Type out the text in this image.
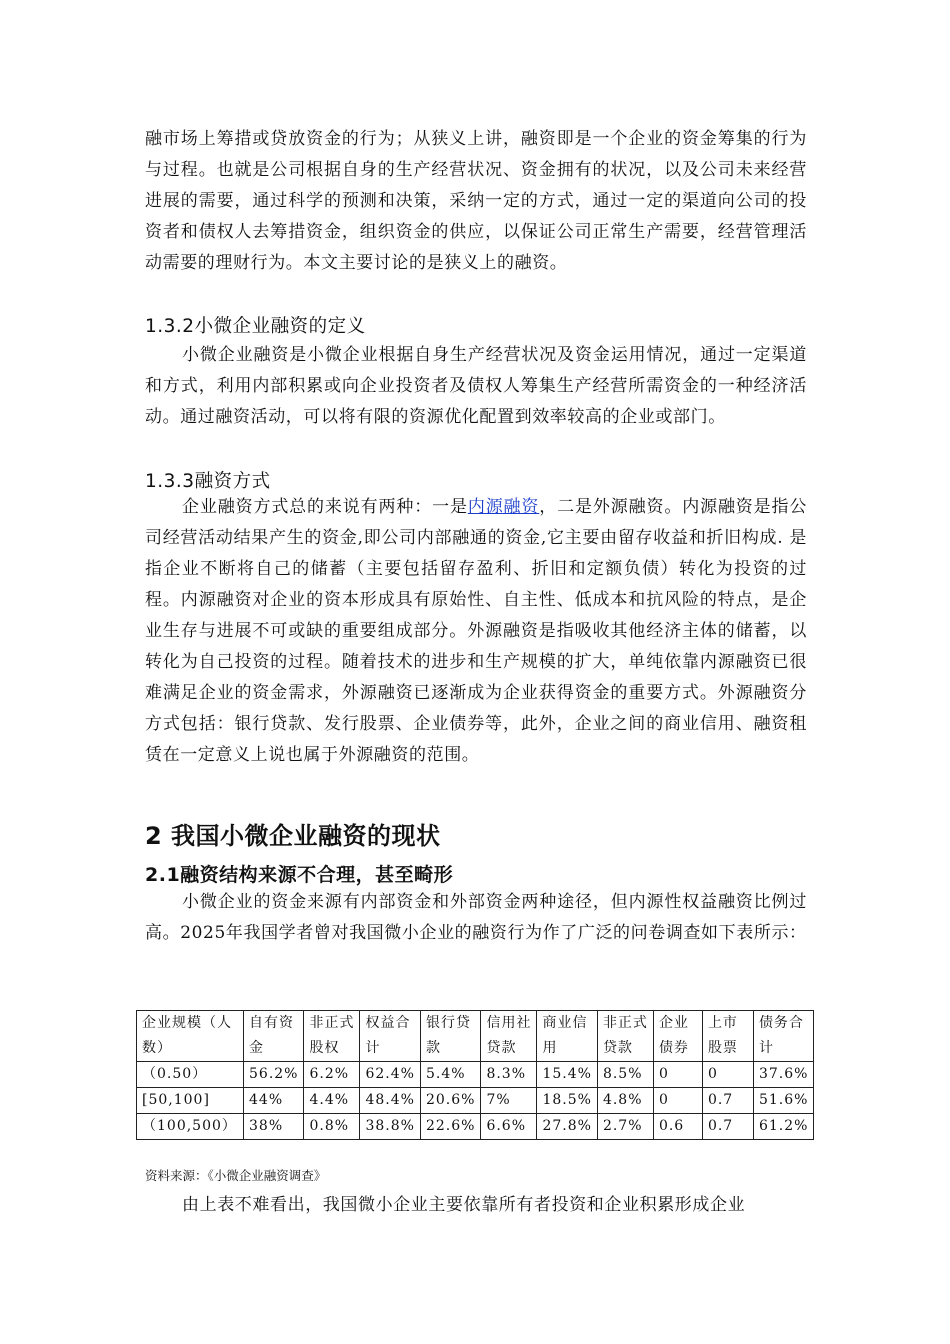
融市场上筹措或贷放资金的行为；从狭义上讲，融资即是一个企业的资金筹集的行为与过程。也就是公司根据自身的生产经营状况、资金拥有的状况，以及公司未来经营进展的需要，通过科学的预测和决策，采纳一定的方式，通过一定的渠道向公司的投资者和债权人去筹措资金，组织资金的供应，以保证公司正常生产需要，经营管理活动需要的理财行为。本文主要讨论的是狭义上的融资。

1.3.2小微企业融资的定义

小微企业融资是小微企业根据自身生产经营状况及资金运用情况，通过一定渠道和方式，利用内部积累或向企业投资者及债权人筹集生产经营所需资金的一种经济活动。通过融资活动，可以将有限的资源优化配置到效率较高的企业或部门。

1.3.3融资方式

企业融资方式总的来说有两种：一是内源融资，二是外源融资。内源融资是指公司经营活动结果产生的资金,即公司内部融通的资金,它主要由留存收益和折旧构成. 是指企业不断将自己的储蓄（主要包括留存盈利、折旧和定额负债）转化为投资的过程。内源融资对企业的资本形成具有原始性、自主性、低成本和抗风险的特点，是企业生存与进展不可或缺的重要组成部分。外源融资是指吸收其他经济主体的储蓄，以转化为自己投资的过程。随着技术的进步和生产规模的扩大，单纯依靠内源融资已很难满足企业的资金需求，外源融资已逐渐成为企业获得资金的重要方式。外源融资分方式包括：银行贷款、发行股票、企业债券等，此外，企业之间的商业信用、融资租赁在一定意义上说也属于外源融资的范围。

2 我国小微企业融资的现状
2.1融资结构来源不合理，甚至畸形

小微企业的资金来源有内部资金和外部资金两种途径，但内源性权益融资比例过高。2025年我国学者曾对我国微小企业的融资行为作了广泛的问卷调查如下表所示：

企业规模（人数）	自有资金	非正式股权	权益合计	银行贷款	信用社贷款	商业信用	非正式贷款	企业债券	上市股票	债务合计
（0.50）	56.2%	6.2%	62.4%	5.4%	8.3%	15.4%	8.5%	0	0	37.6%
[50,100]	44%	4.4%	48.4%	20.6%	7%	18.5%	4.8%	0	0.7	51.6%
（100,500）	38%	0.8%	38.8%	22.6%	6.6%	27.8%	2.7%	0.6	0.7	61.2%

资料来源：《小微企业融资调查》

由上表不难看出，我国微小企业主要依靠所有者投资和企业积累形成企业
